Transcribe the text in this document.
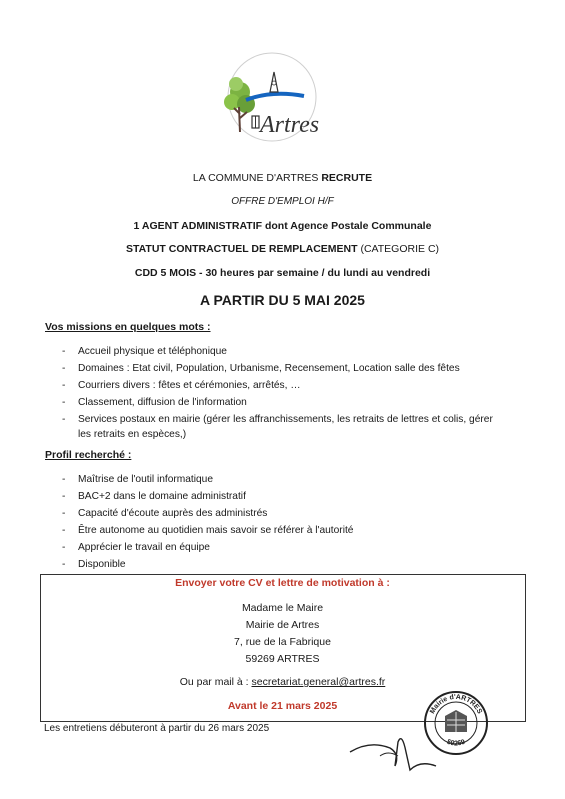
Artres
LA COMMUNE D'ARTRES RECRUTE
OFFRE D'EMPLOI H/F
1 AGENT ADMINISTRATIF dont Agence Postale Communale
STATUT CONTRACTUEL DE REMPLACEMENT (CATEGORIE C)
CDD 5 MOIS - 30 heures par semaine / du lundi au vendredi
A PARTIR DU 5 MAI 2025
Vos missions en quelques mots :
- Accueil physique et téléphonique
- Domaines : Etat civil, Population, Urbanisme, Recensement, Location salle des fêtes
- Courriers divers : fêtes et cérémonies, arrêtés, …
- Classement, diffusion de l'information
- Services postaux en mairie (gérer les affranchissements, les retraits de lettres et colis, gérer les retraits en espèces,)
Profil recherché :
- Maîtrise de l'outil informatique
- BAC+2 dans le domaine administratif
- Capacité d'écoute auprès des administrés
- Être autonome au quotidien mais savoir se référer à l'autorité
- Apprécier le travail en équipe
- Disponible
Envoyer votre CV et lettre de motivation à :
Madame le Maire
Mairie de Artres
7, rue de la Fabrique
59269 ARTRES
Ou par mail à : secretariat.general@artres.fr
Avant le 21 mars 2025
Les entretiens débuteront à partir du 26 mars 2025
Mairie d'ARTRES
59269
